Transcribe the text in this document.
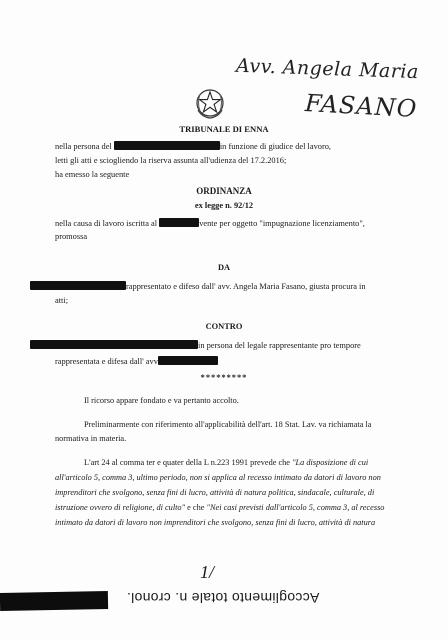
Avv. Angela Maria
FASANO
TRIBUNALE DI ENNA
nella persona del	in funzione di giudice del lavoro,
letti gli atti e sciogliendo la riserva assunta all'udienza del 17.2.2016;
ha emesso la seguente
ORDINANZA
ex legge n. 92/12
nella causa di lavoro iscritta al	vente per oggetto "impugnazione licenziamento",
promossa
DA
rappresentato e difeso dall' avv. Angela Maria Fasano, giusta procura in
atti;
CONTRO
in persona del legale rappresentante pro tempore
rappresentata e difesa dall' avv
*********
Il ricorso appare fondato e va pertanto accolto.
Preliminarmente con riferimento all'applicabilità dell'art. 18 Stat. Lav. va richiamata la
normativa in materia.
L'art 24 al comma ter e quater della L n.223 1991 prevede che "La disposizione di cui
all'articolo 5, comma 3, ultimo periodo, non si applica al recesso intimato da datori di lavoro non
imprenditori che svolgono, senza fini di lucro, attività di natura politica, sindacale, culturale, di
istruzione ovvero di religione, di culto" e che "Nei casi previsti dall'articolo 5, comma 3, al recesso
intimato da datori di lavoro non imprenditori che svolgono, senza fini di lucro, attività di natura
1/
Accoglimento totale n. cronol.
